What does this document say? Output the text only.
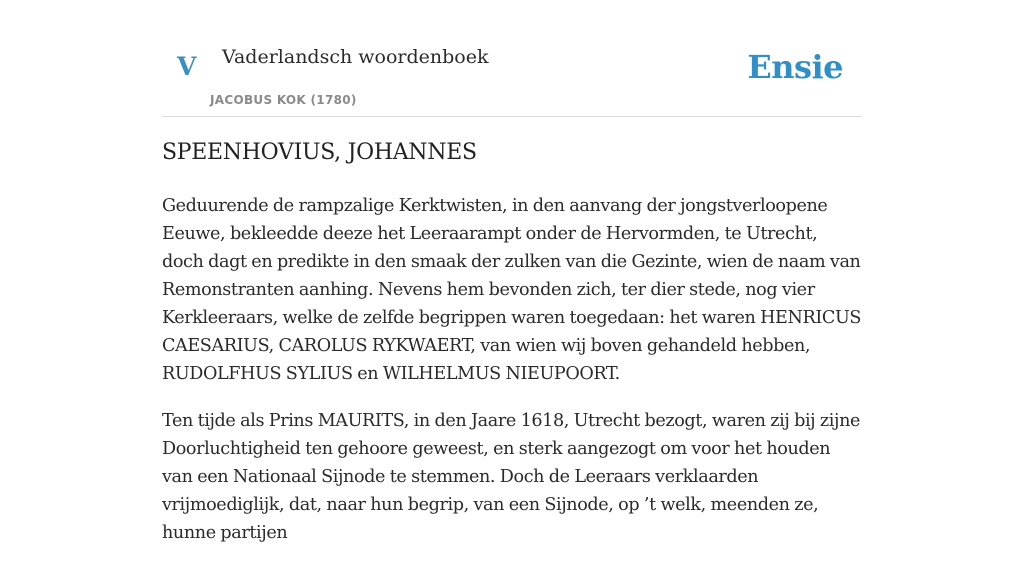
V Vaderlandsch woordenboek
JACOBUS KOK (1780)
Ensie
SPEENHOVIUS, JOHANNES

Geduurende de rampzalige Kerktwisten, in den aanvang der jongstverloopene Eeuwe, bekleedde deeze het Leeraarampt onder de Hervormden, te Utrecht, doch dagt en predikte in den smaak der zulken van die Gezinte, wien de naam van Remonstranten aanhing. Nevens hem bevonden zich, ter dier stede, nog vier Kerkleeraars, welke de zelfde begrippen waren toegedaan: het waren HENRICUS CAESARIUS, CAROLUS RYKWAERT, van wien wij boven gehandeld hebben, RUDOLFHUS SYLIUS en WILHELMUS NIEUPOORT.

Ten tijde als Prins MAURITS, in den Jaare 1618, Utrecht bezogt, waren zij bij zijne Doorluchtigheid ten gehoore geweest, en sterk aangezogt om voor het houden van een Nationaal Sijnode te stemmen. Doch de Leeraars verklaarden vrijmoediglijk, dat, naar hun begrip, van een Sijnode, op ’t welk, meenden ze, hunne partijen
